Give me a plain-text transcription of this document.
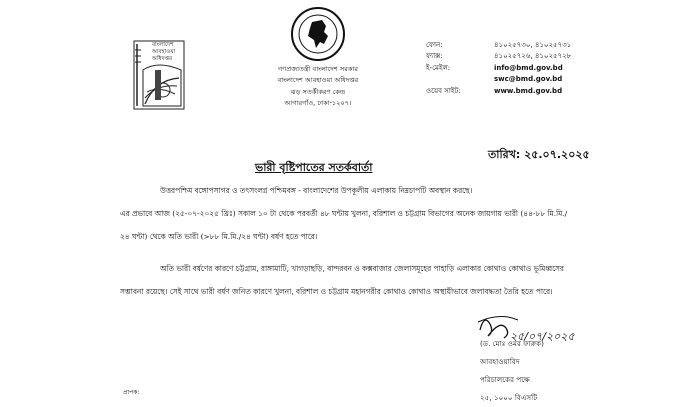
বাংলাদেশ
আবহাওয়া
অধিদপ্তর
গণপ্রজাতন্ত্রী বাংলাদেশ সরকার
বাংলাদেশ আবহাওয়া অধিদপ্তর
ঝড় সতর্কীকরণ কেন্দ্র
আগারগাঁও, ঢাকা-১২০৭।
ফোন:	৪১০২৫৭৩০, ৪১০২৫৭৩১
ফ্যাক্স:	৪১০২৫৭২৬, ৪১০২৫৭২৮
ই-মেইল:	info@bmd.gov.bd
swc@bmd.gov.bd
ওয়েব সাইট:	www.bmd.gov.bd
তারিখ: ২৫.০৭.২০২৫
ভারী বৃষ্টিপাতের সতর্কবার্তা
উত্তরপশ্চিম বঙ্গোপসাগর ও তৎসংলগ্ন পশ্চিমবঙ্গ - বাংলাদেশের উপকূলীয় এলাকায় নিম্নচাপটি অবস্থান করছে।
এর প্রভাবে আজ (২৫-০৭-২০২৫ খ্রিঃ) সকাল ১০ টা থেকে পরবর্তী ৪৮ ঘন্টায় খুলনা, বরিশাল ও চট্টগ্রাম বিভাগের অনেক জায়গায় ভারী (৪৪-৮৮ মি.মি./২৪ ঘন্টা) থেকে অতি ভারী (>৮৮ মি.মি./২৪ ঘন্টা) বর্ষণ হতে পারে।
অতি ভারী বর্ষণের কারণে চট্টগ্রাম, রাঙ্গামাটি, খাগড়াছড়ি, বান্দরবন ও কক্সবাজার জেলাসমূহের পাহাড়ি এলাকার কোথাও কোথাও ভূমিধ্বসের সম্ভাবনা রয়েছে। সেই সাথে ভারী বর্ষণ জনিত কারণে খুলনা, বরিশাল ও চট্টগ্রাম মহানগরীর কোথাও কোথাও অস্থায়ীভাবে জলাবদ্ধতা তৈরি হতে পারে।
২৫/০৭/২০২৫
(ড. মোঃ ওমর ফারুক)
আবহাওয়াবিদ
পরিচালকের পক্ষে
২৫, ১০০০ বিএসটি
প্রাপক:
